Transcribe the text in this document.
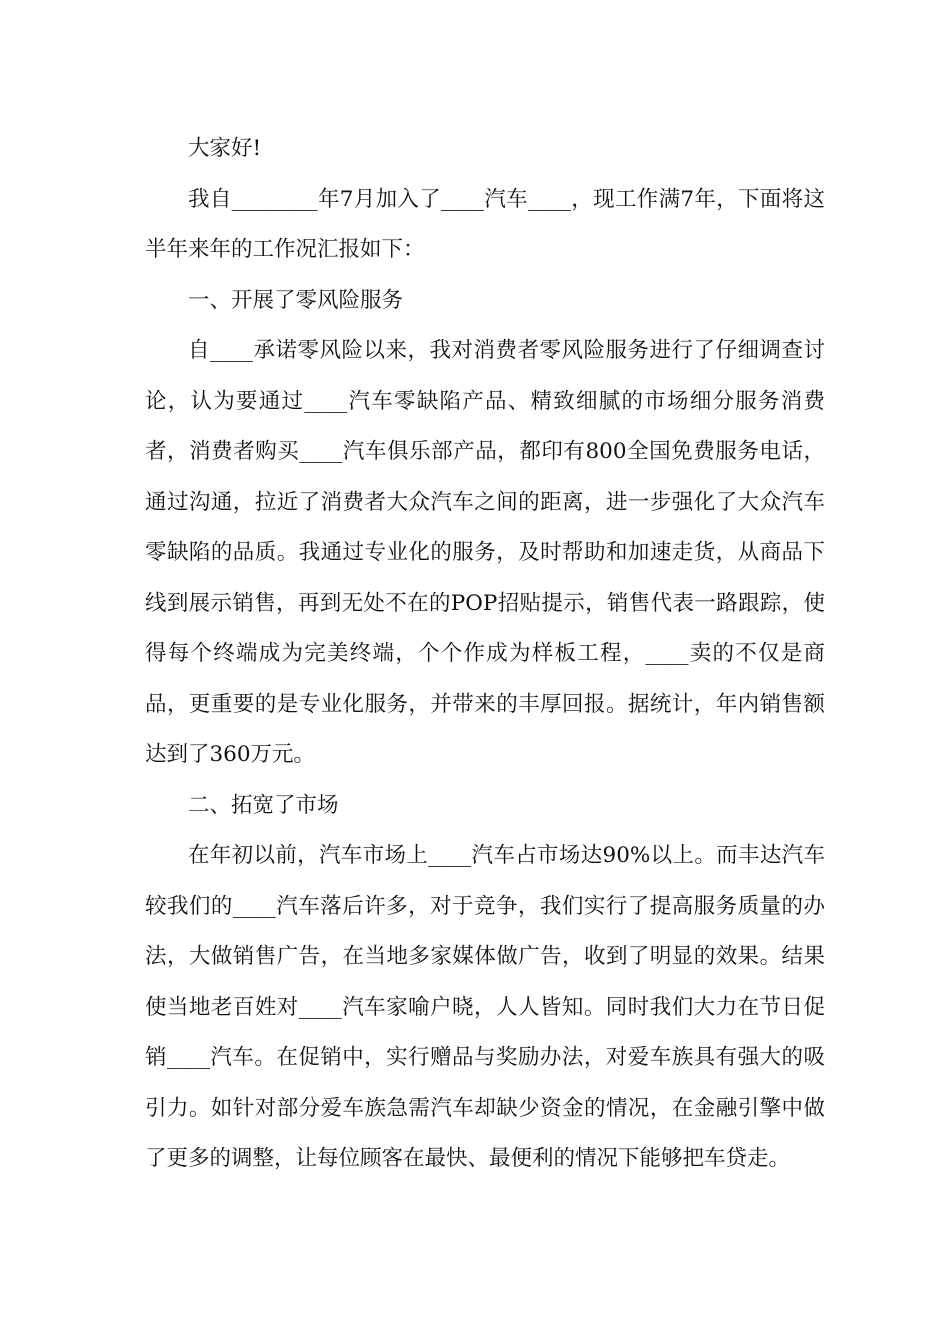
大家好!

我自________年7月加入了____汽车____，现工作满7年，下面将这半年来年的工作况汇报如下：

一、开展了零风险服务

自____承诺零风险以来，我对消费者零风险服务进行了仔细调查讨论，认为要通过____汽车零缺陷产品、精致细腻的市场细分服务消费者，消费者购买____汽车俱乐部产品，都印有800全国免费服务电话，通过沟通，拉近了消费者大众汽车之间的距离，进一步强化了大众汽车零缺陷的品质。我通过专业化的服务，及时帮助和加速走货，从商品下线到展示销售，再到无处不在的POP招贴提示，销售代表一路跟踪，使得每个终端成为完美终端，个个作成为样板工程，____卖的不仅是商品，更重要的是专业化服务，并带来的丰厚回报。据统计，年内销售额达到了360万元。

二、拓宽了市场

在年初以前，汽车市场上____汽车占市场达90%以上。而丰达汽车较我们的____汽车落后许多，对于竞争，我们实行了提高服务质量的办法，大做销售广告，在当地多家媒体做广告，收到了明显的效果。结果使当地老百姓对____汽车家喻户晓，人人皆知。同时我们大力在节日促销____汽车。在促销中，实行赠品与奖励办法，对爱车族具有强大的吸引力。如针对部分爱车族急需汽车却缺少资金的情况，在金融引擎中做了更多的调整，让每位顾客在最快、最便利的情况下能够把车贷走。
